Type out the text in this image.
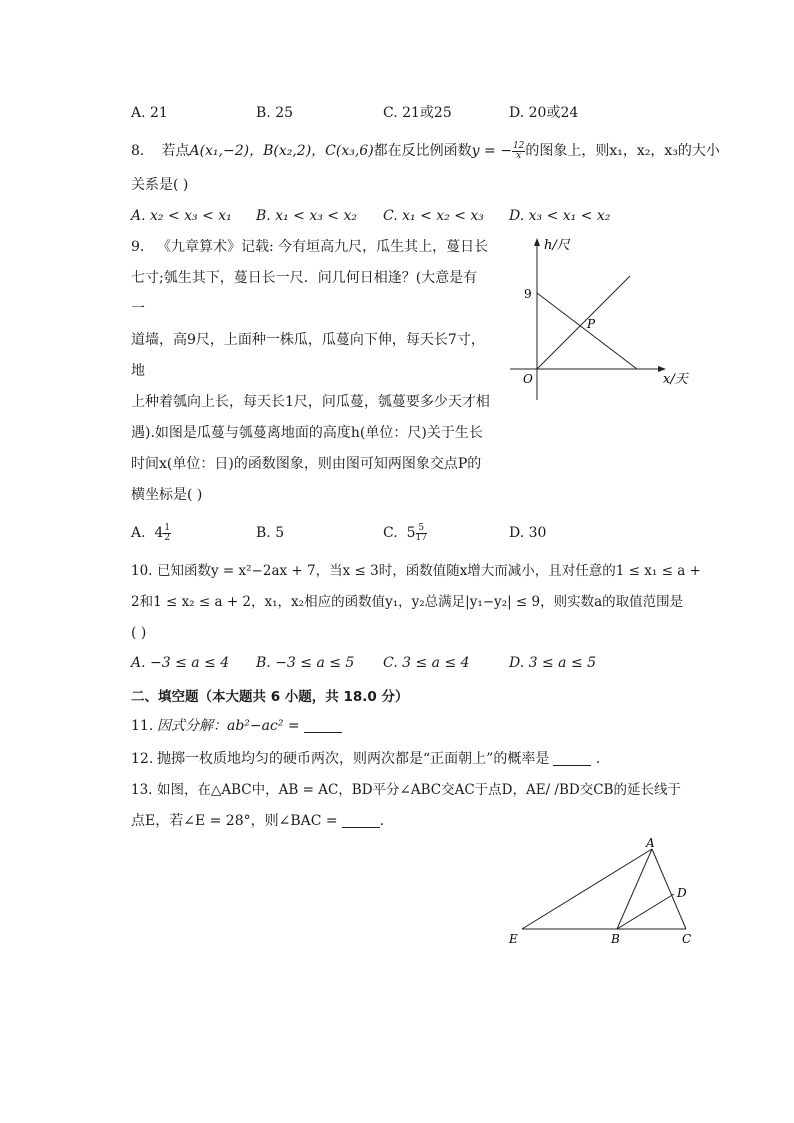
A. 21	B. 25	C. 21或25	D. 20或24
8. 若点A(x₁,−2)，B(x₂,2)，C(x₃,6)都在反比例函数y = − $\frac{12}{x}$ 的图象上，则x₁，x₂，x₃的大小
关系是( )
A. x₂ < x₃ < x₁ B. x₁ < x₃ < x₂ C. x₁ < x₂ < x₃ D. x₃ < x₁ < x₂
9. 《九章算术》记载: 今有垣高九尺，瓜生其上，蔓日长
七寸;瓠生其下，蔓日长一尺．问几何日相逢？(大意是有一
道墙，高9尺，上面种一株瓜，瓜蔓向下伸，每天长7寸，地
上种着瓠向上长，每天长1尺，问瓜蔓，瓠蔓要多少天才相
遇).如图是瓜蔓与瓠蔓离地面的高度h(单位：尺)关于生长
时间x(单位：日)的函数图象，则由图可知两图象交点P的
横坐标是( )
h/尺
9
O
P
x/天
A. $4 \frac{1}{2}$	B. 5	C. $5 \frac{5}{17}$	D. 30
10. 已知函数y = x²−2ax + 7，当x ≤ 3时，函数值随x增大而减小，且对任意的1 ≤ x₁ ≤ a +
2和1 ≤ x₂ ≤ a + 2，x₁，x₂相应的函数值y₁，y₂总满足|y₁−y₂| ≤ 9，则实数a的取值范围是
( )
A. −3 ≤ a ≤ 4 B. −3 ≤ a ≤ 5 C. 3 ≤ a ≤ 4	D. 3 ≤ a ≤ 5
二、填空题（本大题共 6 小题，共 18.0 分）
11. 因式分解：ab²−ac² =
12. 抛掷一枚质地均匀的硬币两次，则两次都是“正面朝上”的概率是	.
13. 如图，在△ABC中，AB = AC，BD平分∠ABC交AC于点D，AE/ /BD交CB的延长线于
点E，若∠E = 28°，则∠BAC =	.
A
D
E	B	C
